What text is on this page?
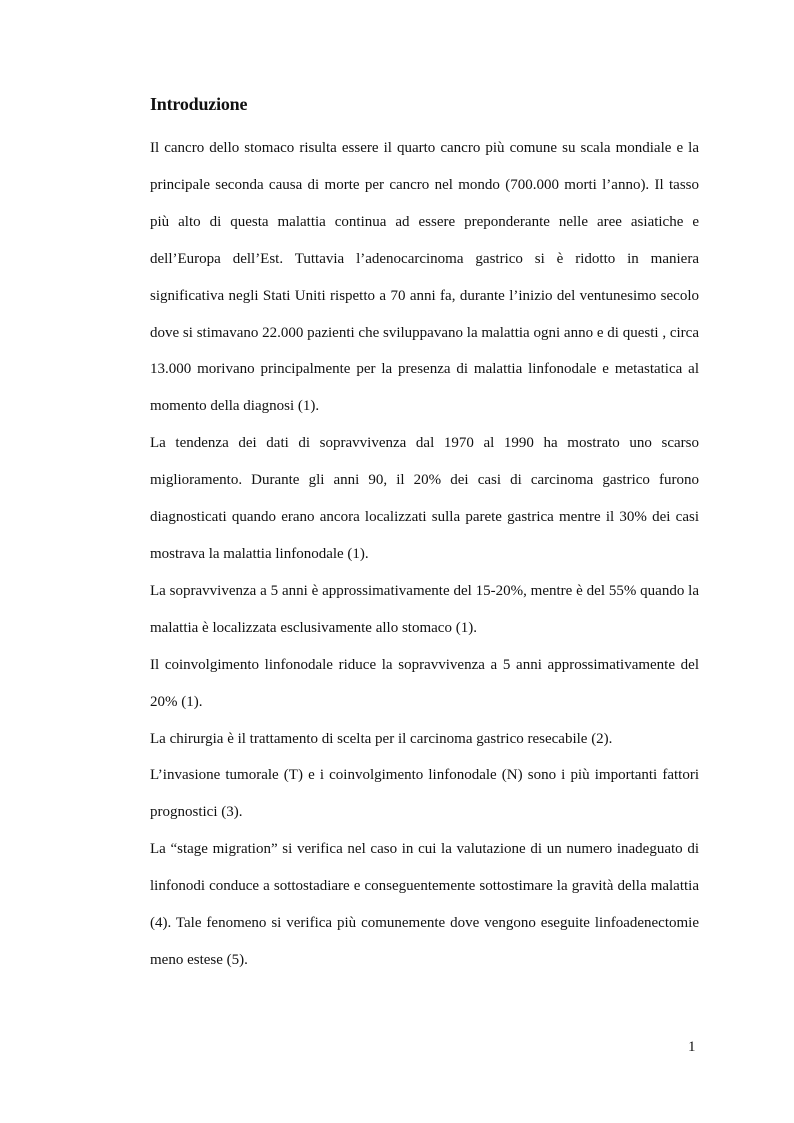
Introduzione

Il cancro dello stomaco risulta essere il quarto cancro più comune su scala mondiale e la principale seconda causa di morte per cancro nel mondo (700.000 morti l’anno). Il tasso più alto di questa malattia continua ad essere preponderante nelle aree asiatiche e dell’Europa dell’Est. Tuttavia l’adenocarcinoma gastrico si è ridotto in maniera significativa negli Stati Uniti rispetto a 70 anni fa, durante l’inizio del ventunesimo secolo dove si stimavano 22.000 pazienti che sviluppavano la malattia ogni anno e di questi , circa 13.000 morivano principalmente per la presenza di malattia linfonodale e metastatica al momento della diagnosi (1).

La tendenza dei dati di sopravvivenza dal 1970 al 1990 ha mostrato uno scarso miglioramento. Durante gli anni 90, il 20% dei casi di carcinoma gastrico furono diagnosticati quando erano ancora localizzati sulla parete gastrica mentre il 30% dei casi mostrava la malattia linfonodale (1).

La sopravvivenza a 5 anni è approssimativamente del 15-20%, mentre è del 55% quando la malattia è localizzata esclusivamente allo stomaco (1).

Il coinvolgimento linfonodale riduce la sopravvivenza a 5 anni approssimativamente del 20% (1).

La chirurgia è il trattamento di scelta per il carcinoma gastrico resecabile (2).

L’invasione tumorale (T) e i coinvolgimento linfonodale (N) sono i più importanti fattori prognostici (3).

La “stage migration” si verifica nel caso in cui la valutazione di un numero inadeguato di linfonodi conduce a sottostadiare e conseguentemente sottostimare la gravità della malattia (4). Tale fenomeno si verifica più comunemente dove vengono eseguite linfoadenectomie meno estese (5).

1
